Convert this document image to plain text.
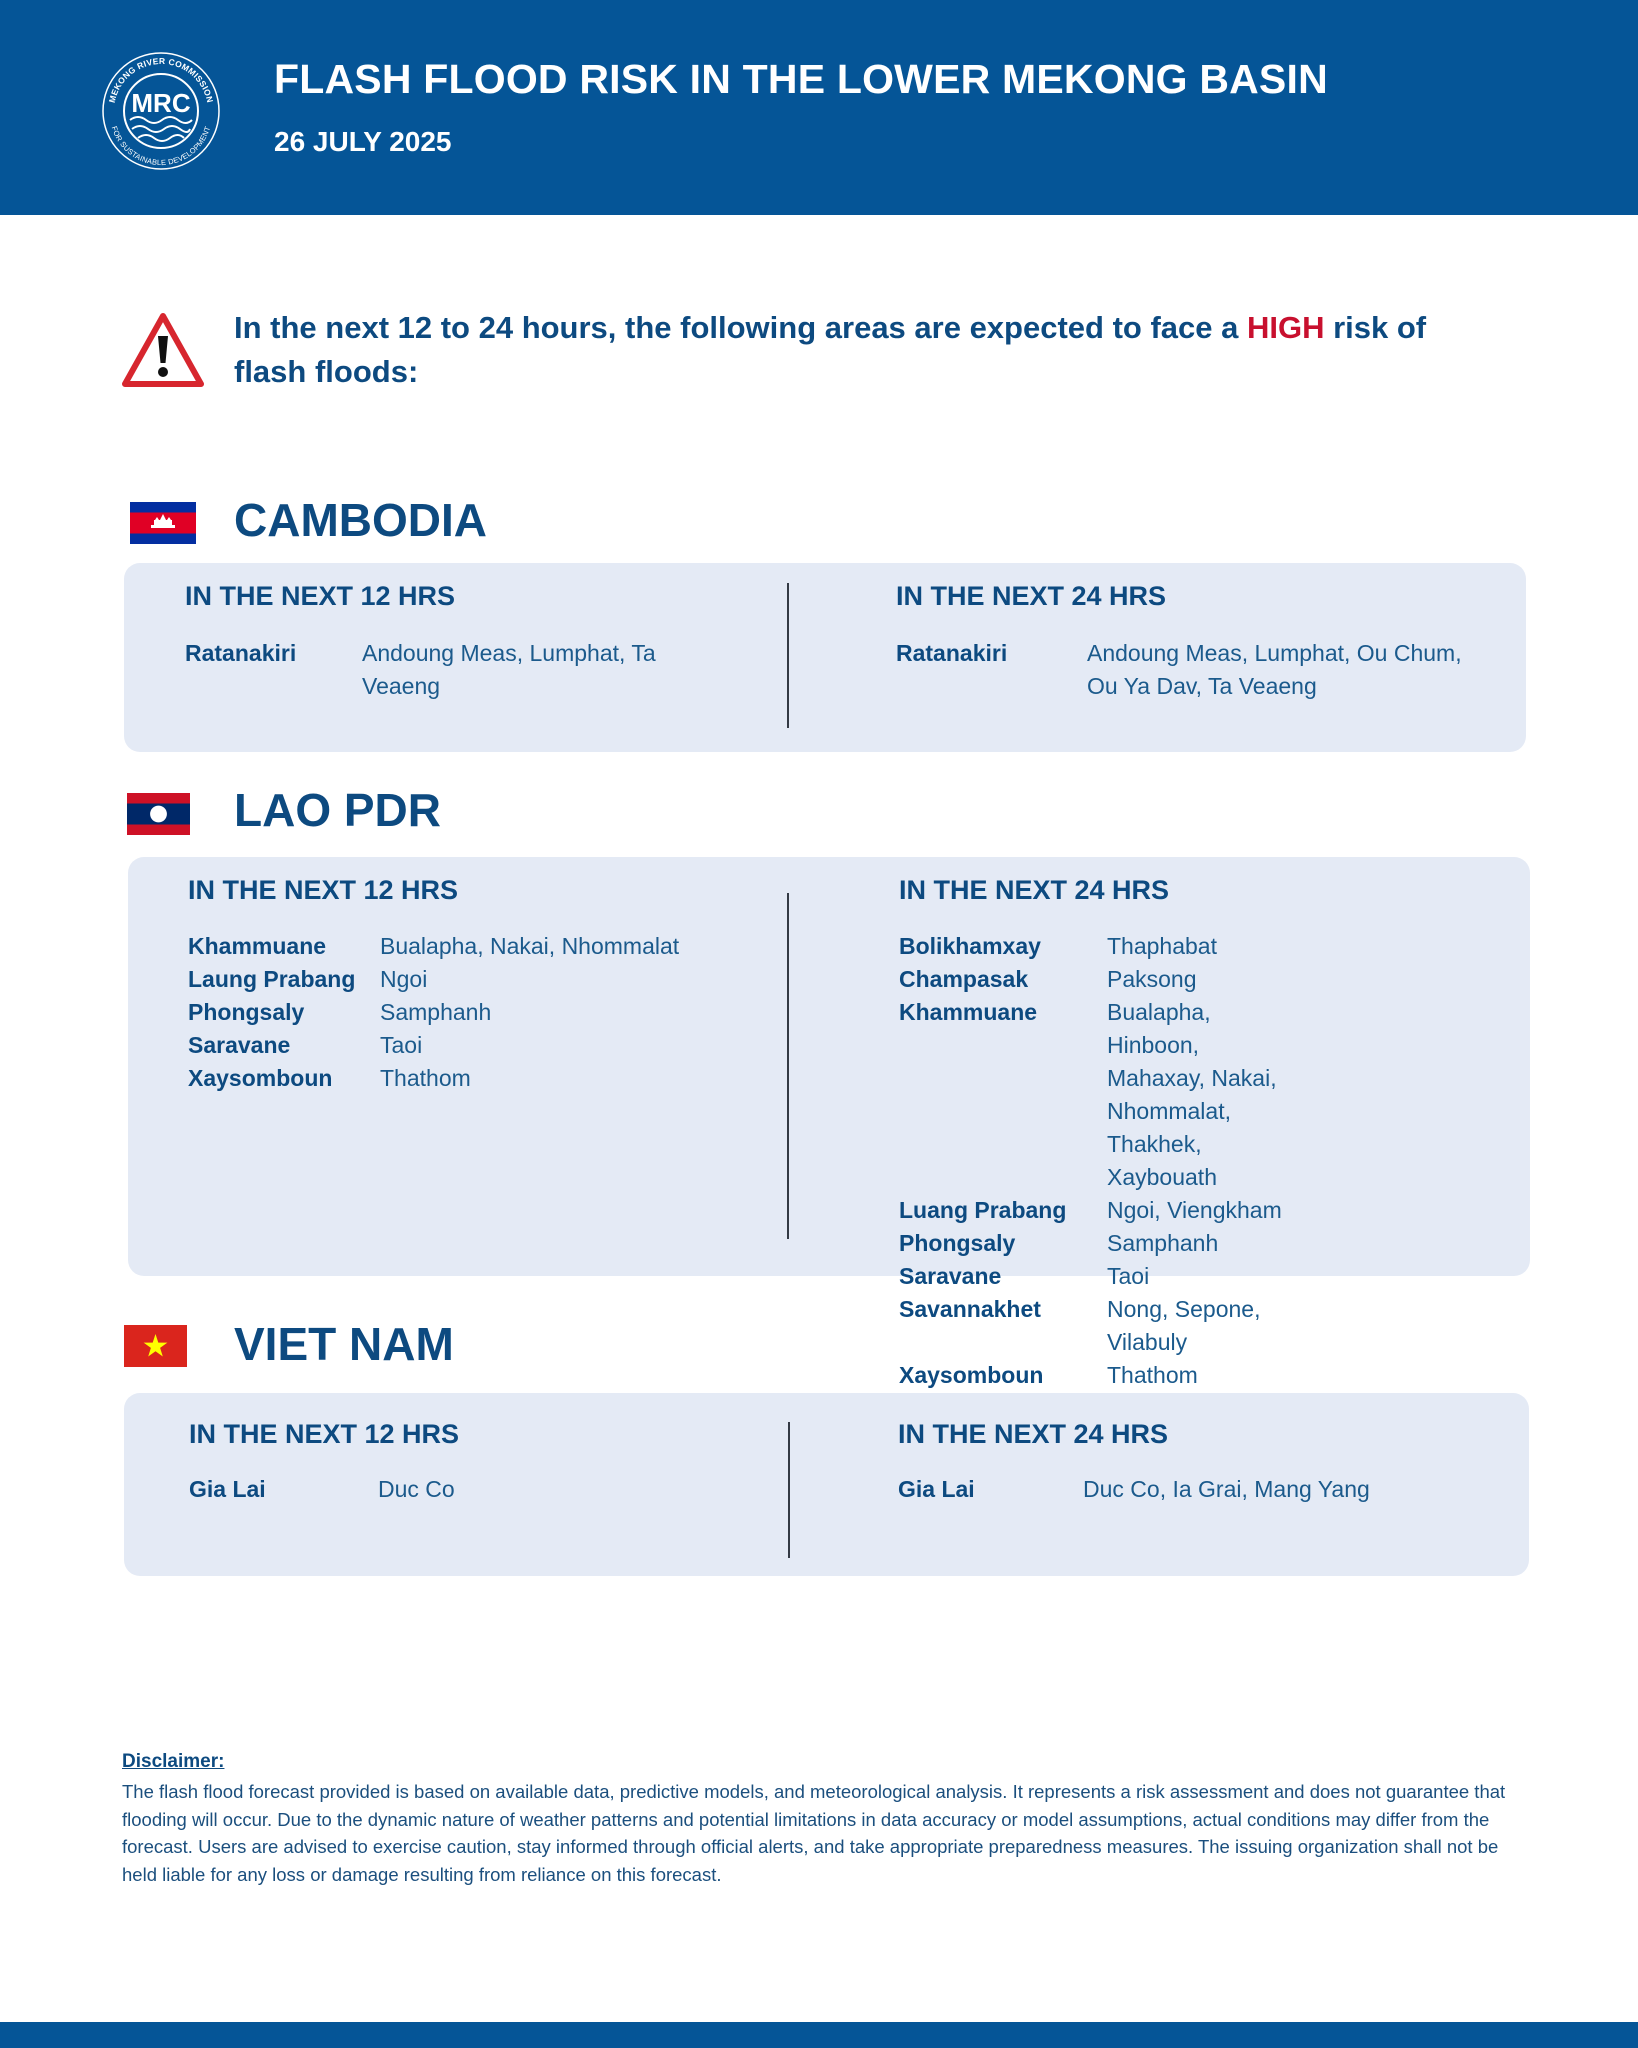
MEKONG RIVER COMMISSION
FOR SUSTAINABLE DEVELOPMENT
MRC
FLASH FLOOD RISK IN THE LOWER MEKONG BASIN
26 JULY 2025
In the next 12 to 24 hours, the following areas are expected to face a HIGH risk of flash floods:
CAMBODIA
IN THE NEXT 12 HRS
Ratanakiri	Andoung Meas, Lumphat, Ta Veaeng
IN THE NEXT 24 HRS
Ratanakiri	Andoung Meas, Lumphat, Ou Chum, Ou Ya Dav, Ta Veaeng
LAO PDR
IN THE NEXT 12 HRS
Khammuane	Bualapha, Nakai, Nhommalat
Laung Prabang	Ngoi
Phongsaly	Samphanh
Saravane	Taoi
Xaysomboun	Thathom
IN THE NEXT 24 HRS
Bolikhamxay	Thaphabat
Champasak	Paksong
Khammuane	Bualapha, Hinboon, Mahaxay, Nakai, Nhommalat, Thakhek, Xaybouath
Luang Prabang	Ngoi, Viengkham
Phongsaly	Samphanh
Saravane	Taoi
Savannakhet	Nong, Sepone, Vilabuly
Xaysomboun	Thathom
VIET NAM
IN THE NEXT 12 HRS
Gia Lai	Duc Co
IN THE NEXT 24 HRS
Gia Lai	Duc Co, Ia Grai, Mang Yang
Disclaimer:
The flash flood forecast provided is based on available data, predictive models, and meteorological analysis. It represents a risk assessment and does not guarantee that flooding will occur. Due to the dynamic nature of weather patterns and potential limitations in data accuracy or model assumptions, actual conditions may differ from the forecast. Users are advised to exercise caution, stay informed through official alerts, and take appropriate preparedness measures. The issuing organization shall not be held liable for any loss or damage resulting from reliance on this forecast.
